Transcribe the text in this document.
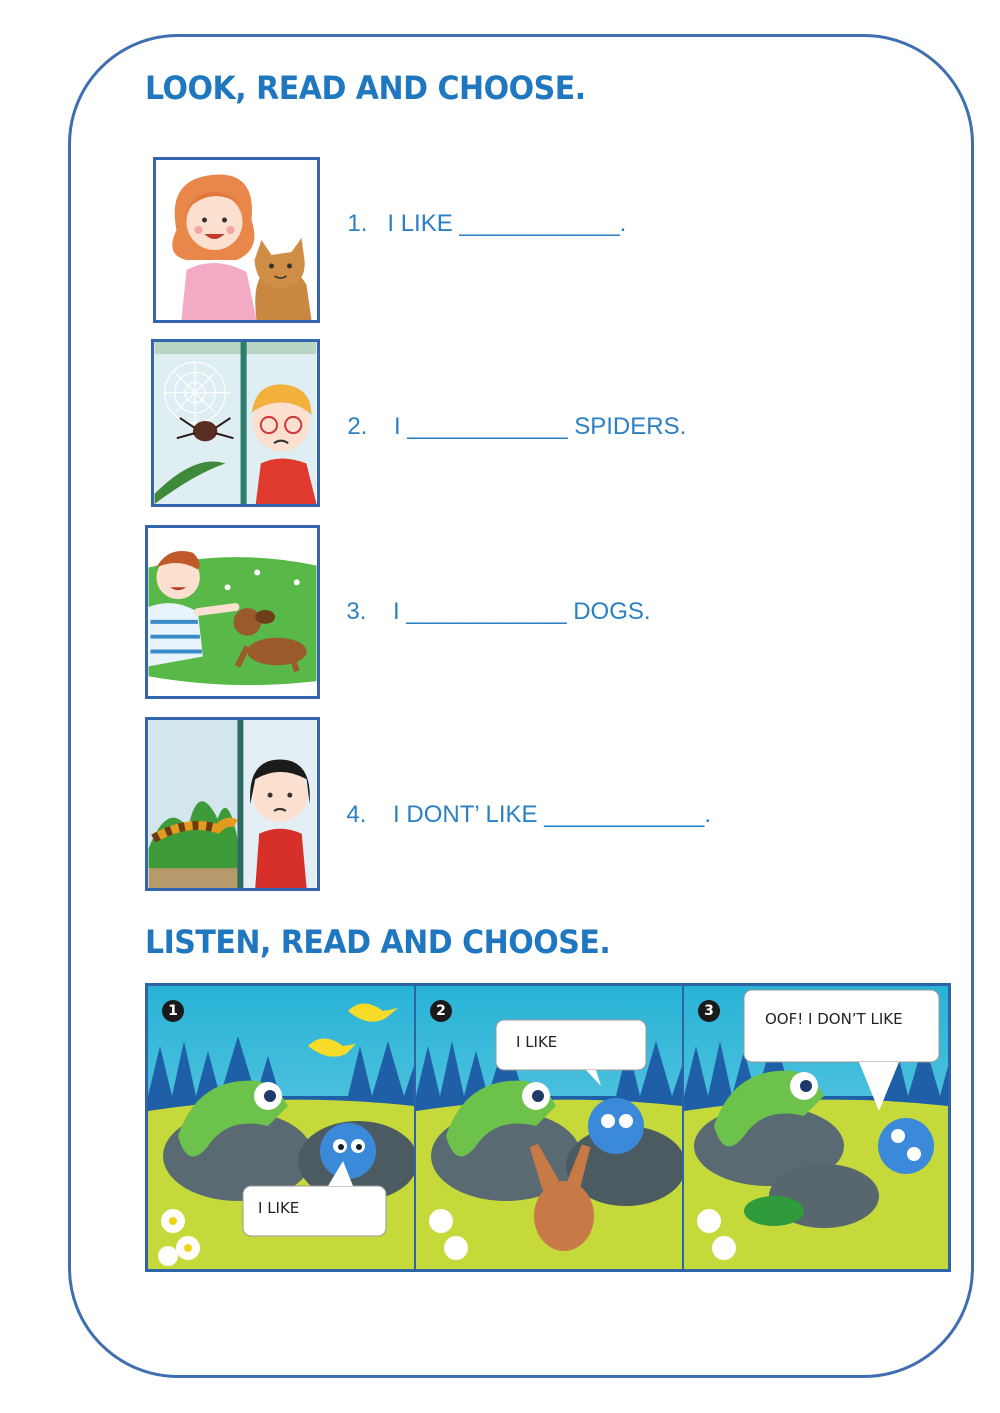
LOOK, READ AND CHOOSE.

1. I LIKE ____________.

2. I ____________ SPIDERS.

3. I ____________ DOGS.

4. I DONT’ LIKE ____________.

LISTEN, READ AND CHOOSE.
1	2	3
I LIKE
I LIKE
OOF! I DON’T LIKE
